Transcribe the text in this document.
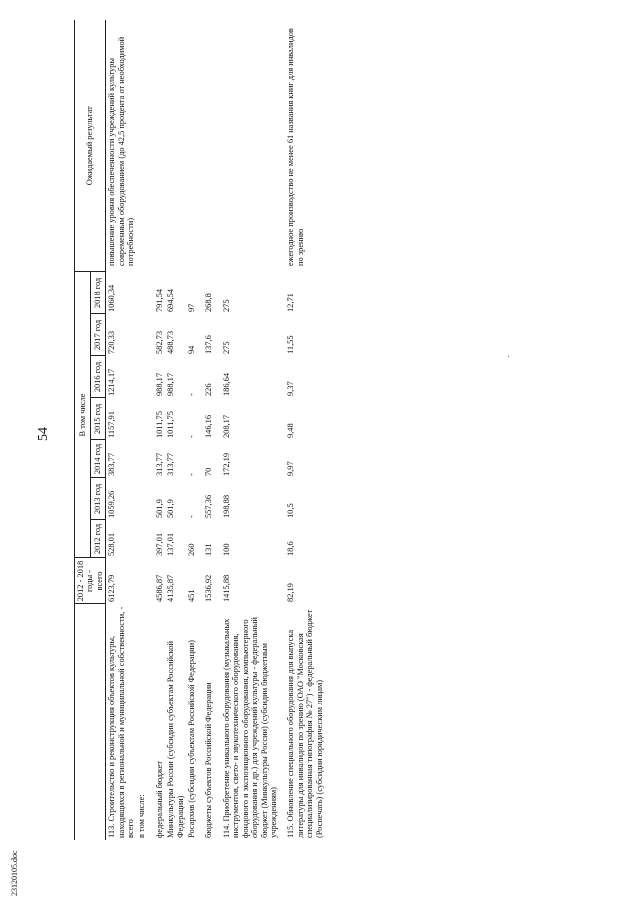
54
23120105.doc
	2012 - 2018 годы - всего	В том числе							Ожидаемый результат
		2012 год	2013 год	2014 год	2015 год	2016 год	2017 год	2018 год	
113. Строительство и реконструкция объектов культуры, находящихся в региональной и муниципальной собственности, - всего	6123,79	528,01	1059,26	383,77	1157,91	1214,17	720,33	1060,34	повышение уровня обеспеченности учреждений культуры современным оборудованием (до 42,5 процента от необходимой потребности)
в том числе:									
федеральный бюджет	4586,87	397,01	501,9	313,77	1011,75	988,17	582,73	791,54	
Минкультуры России (субсидии субъектам Российской Федерации)	4135,87	137,01	501,9	313,77	1011,75	988,17	488,73	694,54	
Росархив (субсидии субъектам Российской Федерации)	451	260	-	-	-	-	94	97	
бюджеты субъектов Российской Федерации	1536,92	131	557,36	70	146,16	226	137,6	268,8	
114. Приобретение уникального оборудования (музыкальных инструментов, свето- и звукотехнического оборудования, фондового и экспозиционного оборудования, компьютерного оборудования и др.) для учреждений культуры - федеральный бюджет (Минкультуры России) (субсидии бюджетным учреждениям)	1415,88	100	198,88	172,19	208,17	186,64	275	275	
115. Обновление специального оборудования для выпуска литературы для инвалидов по зрению (ОАО "Московская специализированная типография № 27") - федеральный бюджет (Роспечать) (субсидии юридическим лицам)	82,19	18,6	10,5	9,97	9,48	9,37	11,55	12,71	ежегодное производство не менее 61 названия книг для инвалидов по зрению
